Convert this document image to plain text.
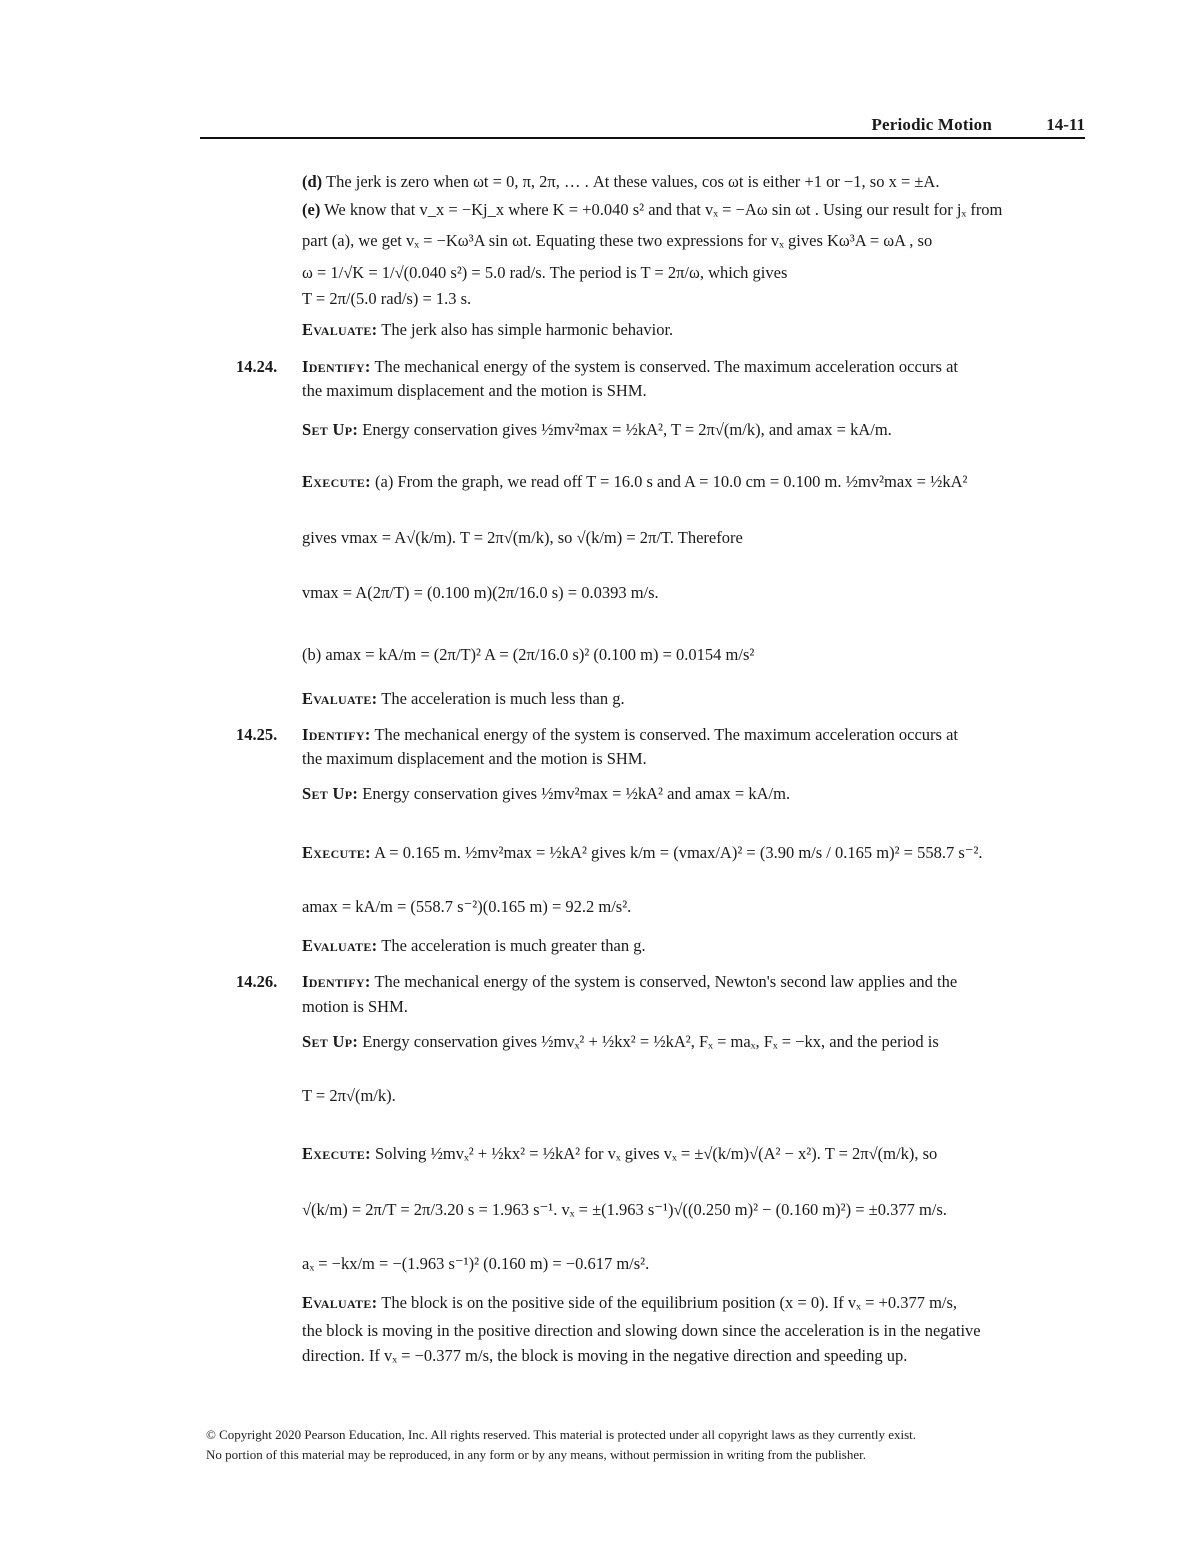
Periodic Motion	14-11
(d) The jerk is zero when ωt = 0, π, 2π, … . At these values, cos ωt is either +1 or −1, so x = ±A.
(e) We know that v_x = −Kj_x where K = +0.040 s² and that vₓ = −Aω sin ωt . Using our result for jₓ from
part (a), we get vₓ = −Kω³A sin ωt. Equating these two expressions for vₓ gives Kω³A = ωA , so
ω = 1/√K = 1/√(0.040 s²) = 5.0 rad/s. The period is T = 2π/ω, which gives
T = 2π/(5.0 rad/s) = 1.3 s.
Evaluate: The jerk also has simple harmonic behavior.
14.24. Identify: The mechanical energy of the system is conserved. The maximum acceleration occurs at
the maximum displacement and the motion is SHM.
Set Up: Energy conservation gives ½mv²max = ½kA², T = 2π√(m/k), and amax = kA/m.
Execute: (a) From the graph, we read off T = 16.0 s and A = 10.0 cm = 0.100 m. ½mv²max = ½kA²
gives vmax = A√(k/m). T = 2π√(m/k), so √(k/m) = 2π/T. Therefore
vmax = A(2π/T) = (0.100 m)(2π/16.0 s) = 0.0393 m/s.
(b) amax = kA/m = (2π/T)² A = (2π/16.0 s)² (0.100 m) = 0.0154 m/s²
Evaluate: The acceleration is much less than g.
14.25. Identify: The mechanical energy of the system is conserved. The maximum acceleration occurs at
the maximum displacement and the motion is SHM.
Set Up: Energy conservation gives ½mv²max = ½kA² and amax = kA/m.
Execute: A = 0.165 m. ½mv²max = ½kA² gives k/m = (vmax/A)² = (3.90 m/s / 0.165 m)² = 558.7 s⁻².
amax = kA/m = (558.7 s⁻²)(0.165 m) = 92.2 m/s².
Evaluate: The acceleration is much greater than g.
14.26. Identify: The mechanical energy of the system is conserved, Newton's second law applies and the
motion is SHM.
Set Up: Energy conservation gives ½mvₓ² + ½kx² = ½kA², Fₓ = maₓ, Fₓ = −kx, and the period is
T = 2π√(m/k).
Execute: Solving ½mvₓ² + ½kx² = ½kA² for vₓ gives vₓ = ±√(k/m)√(A² − x²). T = 2π√(m/k), so
√(k/m) = 2π/T = 2π/3.20 s = 1.963 s⁻¹. vₓ = ±(1.963 s⁻¹)√((0.250 m)² − (0.160 m)²) = ±0.377 m/s.
aₓ = −kx/m = −(1.963 s⁻¹)² (0.160 m) = −0.617 m/s².
Evaluate: The block is on the positive side of the equilibrium position (x = 0). If vₓ = +0.377 m/s,
the block is moving in the positive direction and slowing down since the acceleration is in the negative
direction. If vₓ = −0.377 m/s, the block is moving in the negative direction and speeding up.
© Copyright 2020 Pearson Education, Inc. All rights reserved. This material is protected under all copyright laws as they currently exist.
No portion of this material may be reproduced, in any form or by any means, without permission in writing from the publisher.
